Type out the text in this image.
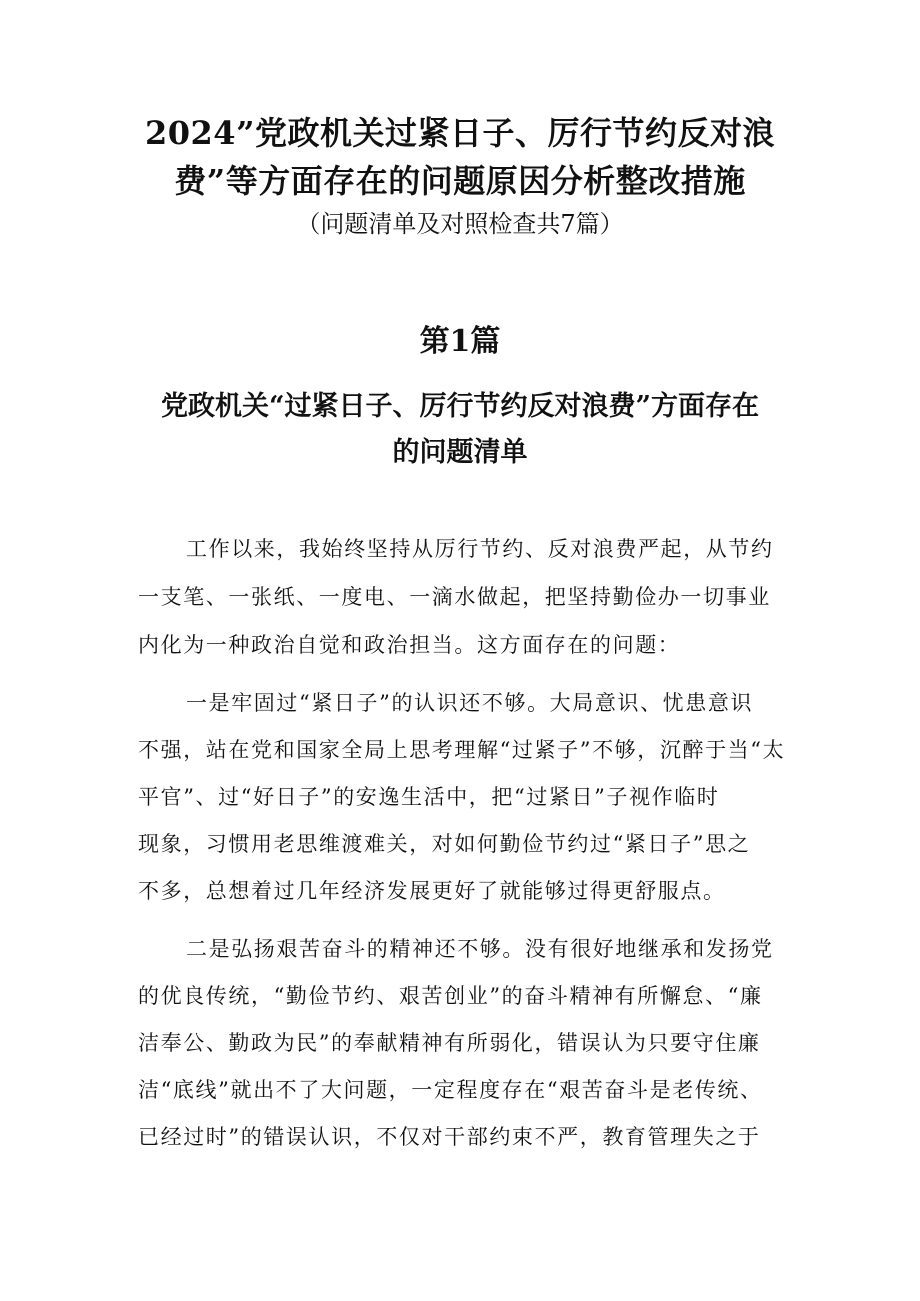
2024”党政机关过紧日子、厉行节约反对浪
费”等方面存在的问题原因分析整改措施

（问题清单及对照检查共7篇）

第1篇
党政机关“过紧日子、厉行节约反对浪费”方面存在
的问题清单

工作以来，我始终坚持从厉行节约、反对浪费严起，从节约

一支笔、一张纸、一度电、一滴水做起，把坚持勤俭办一切事业

内化为一种政治自觉和政治担当。这方面存在的问题：

一是牢固过“紧日子”的认识还不够。大局意识、忧患意识

不强，站在党和国家全局上思考理解“过紧子”不够，沉醉于当“太

平官”、过“好日子”的安逸生活中，把“过紧日”子视作临时

现象，习惯用老思维渡难关，对如何勤俭节约过“紧日子”思之

不多，总想着过几年经济发展更好了就能够过得更舒服点。

二是弘扬艰苦奋斗的精神还不够。没有很好地继承和发扬党

的优良传统，“勤俭节约、艰苦创业”的奋斗精神有所懈怠、“廉

洁奉公、勤政为民”的奉献精神有所弱化，错误认为只要守住廉

洁“底线”就出不了大问题，一定程度存在“艰苦奋斗是老传统、

已经过时”的错误认识，不仅对干部约束不严，教育管理失之于
